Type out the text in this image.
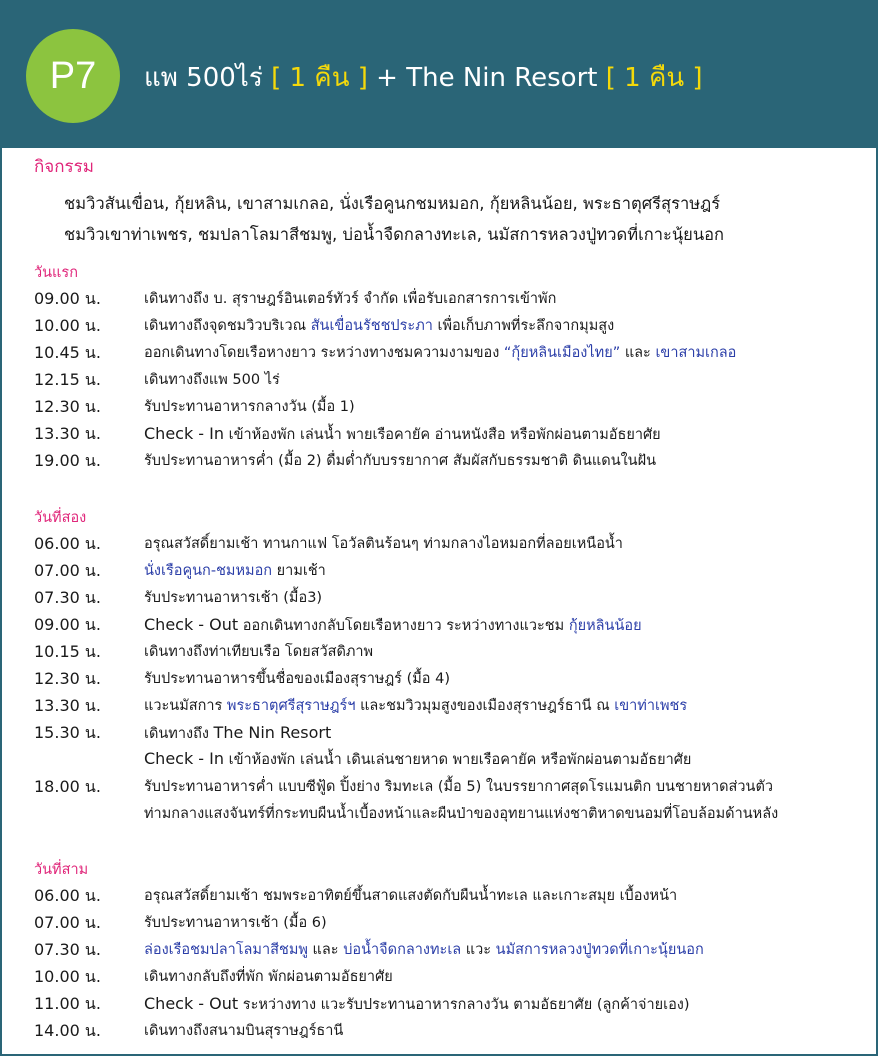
P7	แพ 500ไร่ [ 1 คืน ] + The Nin Resort [ 1 คืน ]
กิจกรรม
ชมวิวสันเขื่อน, กุ้ยหลิน, เขาสามเกลอ, นั่งเรือคูนกชมหมอก, กุ้ยหลินน้อย, พระธาตุศรีสุราษฎร์
ชมวิวเขาท่าเพชร, ชมปลาโลมาสีชมพู, บ่อน้ำจืดกลางทะเล, นมัสการหลวงปู่ทวดที่เกาะนุ้ยนอก
วันแรก
09.00 น.	เดินทางถึง บ. สุราษฎร์อินเตอร์ทัวร์ จำกัด เพื่อรับเอกสารการเข้าพัก
10.00 น.	เดินทางถึงจุดชมวิวบริเวณ สันเขื่อนรัชชประภา เพื่อเก็บภาพที่ระลึกจากมุมสูง
10.45 น.	ออกเดินทางโดยเรือหางยาว ระหว่างทางชมความงามของ “กุ้ยหลินเมืองไทย” และ เขาสามเกลอ
12.15 น.	เดินทางถึงแพ 500 ไร่
12.30 น.	รับประทานอาหารกลางวัน (มื้อ 1)
13.30 น.	Check - In เข้าห้องพัก เล่นน้ำ พายเรือคายัค อ่านหนังสือ หรือพักผ่อนตามอัธยาศัย
19.00 น.	รับประทานอาหารค่ำ (มื้อ 2) ดื่มด่ำกับบรรยากาศ สัมผัสกับธรรมชาติ ดินแดนในฝัน
วันที่สอง
06.00 น.	อรุณสวัสดิ์ยามเช้า ทานกาแฟ โอวัลตินร้อนๆ ท่ามกลางไอหมอกที่ลอยเหนือน้ำ
07.00 น.	นั่งเรือคูนก-ชมหมอก ยามเช้า
07.30 น.	รับประทานอาหารเช้า (มื้อ3)
09.00 น.	Check - Out ออกเดินทางกลับโดยเรือหางยาว ระหว่างทางแวะชม กุ้ยหลินน้อย
10.15 น.	เดินทางถึงท่าเทียบเรือ โดยสวัสดิภาพ
12.30 น.	รับประทานอาหารขึ้นชื่อของเมืองสุราษฎร์ (มื้อ 4)
13.30 น.	แวะนมัสการ พระธาตุศรีสุราษฎร์ฯ และชมวิวมุมสูงของเมืองสุราษฎร์ธานี ณ เขาท่าเพชร
15.30 น.	เดินทางถึง The Nin Resort
Check - In เข้าห้องพัก เล่นน้ำ เดินเล่นชายหาด พายเรือคายัค หรือพักผ่อนตามอัธยาศัย
18.00 น.	รับประทานอาหารค่ำ แบบซีฟู้ด ปิ้งย่าง ริมทะเล (มื้อ 5) ในบรรยากาศสุดโรแมนติก บนชายหาดส่วนตัว
ท่ามกลางแสงจันทร์ที่กระทบผืนน้ำเบื้องหน้าและผืนป่าของอุทยานแห่งชาติหาดขนอมที่โอบล้อมด้านหลัง
วันที่สาม
06.00 น.	อรุณสวัสดิ์ยามเช้า ชมพระอาทิตย์ขึ้นสาดแสงตัดกับผืนน้ำทะเล และเกาะสมุย เบื้องหน้า
07.00 น.	รับประทานอาหารเช้า (มื้อ 6)
07.30 น.	ล่องเรือชมปลาโลมาสีชมพู และ บ่อน้ำจืดกลางทะเล แวะ นมัสการหลวงปู่ทวดที่เกาะนุ้ยนอก
10.00 น.	เดินทางกลับถึงที่พัก พักผ่อนตามอัธยาศัย
11.00 น.	Check - Out ระหว่างทาง แวะรับประทานอาหารกลางวัน ตามอัธยาศัย (ลูกค้าจ่ายเอง)
14.00 น.	เดินทางถึงสนามบินสุราษฎร์ธานี
